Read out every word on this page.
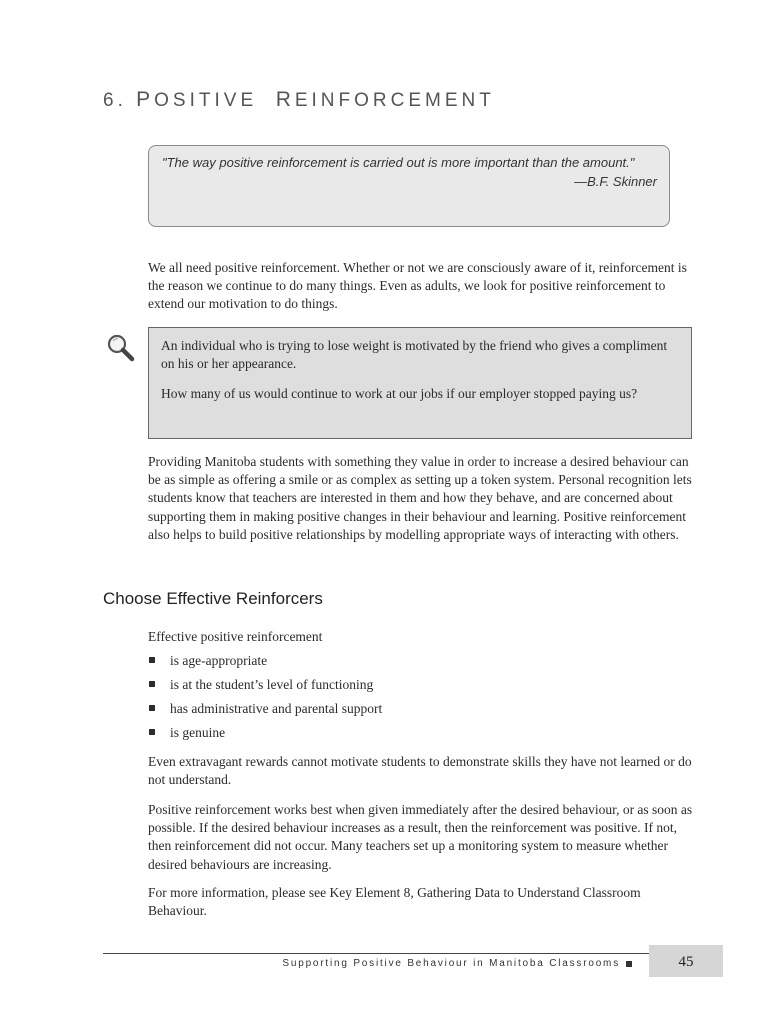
6. POSITIVE REINFORCEMENT
"The way positive reinforcement is carried out is more important than the amount."
—B.F. Skinner

We all need positive reinforcement. Whether or not we are consciously aware of it, reinforcement is the reason we continue to do many things. Even as adults, we look for positive reinforcement to extend our motivation to do things.

An individual who is trying to lose weight is motivated by the friend who gives a compliment on his or her appearance.

How many of us would continue to work at our jobs if our employer stopped paying us?

Providing Manitoba students with something they value in order to increase a desired behaviour can be as simple as offering a smile or as complex as setting up a token system. Personal recognition lets students know that teachers are interested in them and how they behave, and are concerned about supporting them in making positive changes in their behaviour and learning. Positive reinforcement also helps to build positive relationships by modelling appropriate ways of interacting with others.

Choose Effective Reinforcers

Effective positive reinforcement

is age-appropriate
is at the student’s level of functioning
has administrative and parental support
is genuine

Even extravagant rewards cannot motivate students to demonstrate skills they have not learned or do not understand.

Positive reinforcement works best when given immediately after the desired behaviour, or as soon as possible. If the desired behaviour increases as a result, then the reinforcement was positive. If not, then reinforcement did not occur. Many teachers set up a monitoring system to measure whether desired behaviours are increasing.

For more information, please see Key Element 8, Gathering Data to Understand Classroom Behaviour.

Supporting Positive Behaviour in Manitoba Classrooms	45
